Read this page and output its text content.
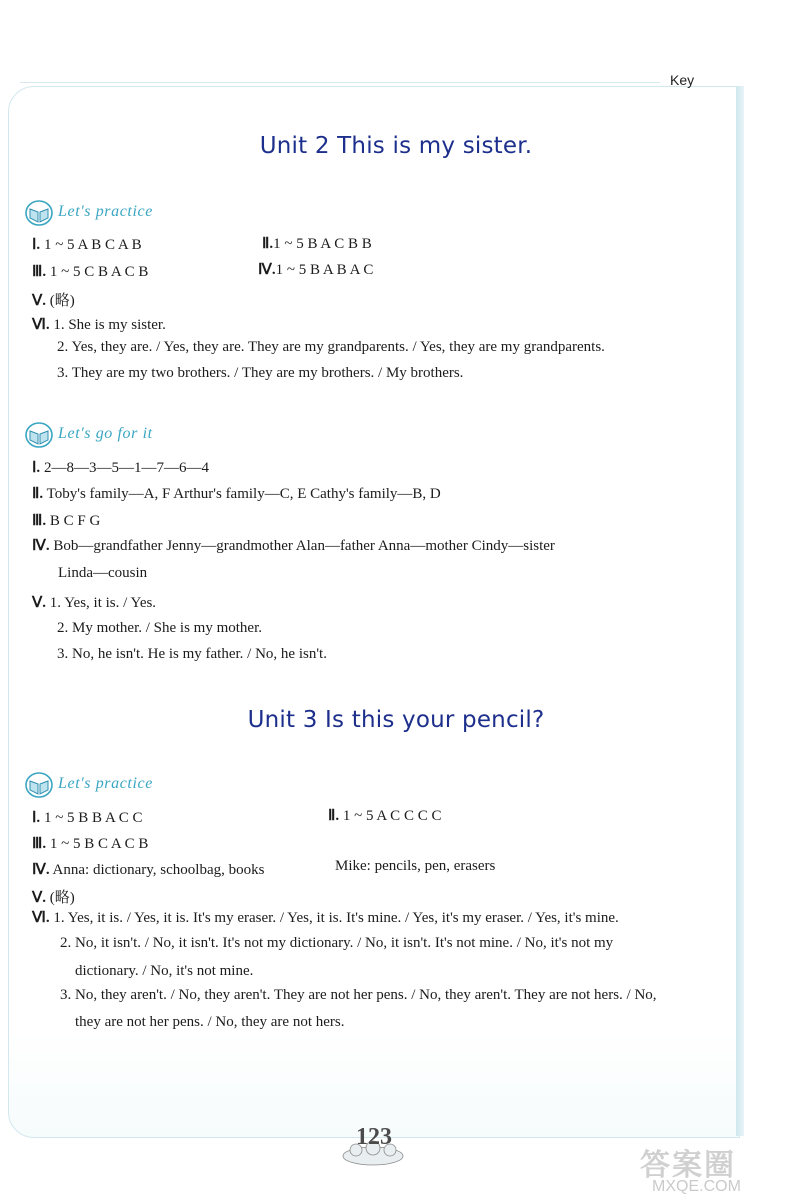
Key
Unit 2 This is my sister.
Let's practice
Ⅰ. 1 ~ 5 A B C A B	Ⅱ.1 ~ 5 B A C B B
Ⅲ. 1 ~ 5 C B A C B	Ⅳ.1 ~ 5 B A B A C
Ⅴ. (略)
Ⅵ. 1. She is my sister.
2. Yes, they are. / Yes, they are. They are my grandparents. / Yes, they are my grandparents.
3. They are my two brothers. / They are my brothers. / My brothers.
Let's go for it
Ⅰ. 2—8—3—5—1—7—6—4
Ⅱ. Toby's family—A, F Arthur's family—C, E Cathy's family—B, D
Ⅲ. B C F G
Ⅳ. Bob—grandfather Jenny—grandmother Alan—father Anna—mother Cindy—sister
Linda—cousin
Ⅴ. 1. Yes, it is. / Yes.
2. My mother. / She is my mother.
3. No, he isn't. He is my father. / No, he isn't.
Unit 3 Is this your pencil?
Let's practice
Ⅰ. 1 ~ 5 B B A C C	Ⅱ. 1 ~ 5 A C C C C
Ⅲ. 1 ~ 5 B C A C B
Ⅳ. Anna: dictionary, schoolbag, books	Mike: pencils, pen, erasers
Ⅴ. (略)
Ⅵ. 1. Yes, it is. / Yes, it is. It's my eraser. / Yes, it is. It's mine. / Yes, it's my eraser. / Yes, it's mine.
2. No, it isn't. / No, it isn't. It's not my dictionary. / No, it isn't. It's not mine. / No, it's not my
dictionary. / No, it's not mine.
3. No, they aren't. / No, they aren't. They are not her pens. / No, they aren't. They are not hers. / No,
they are not her pens. / No, they are not hers.
123
答案圈
MXQE.COM
